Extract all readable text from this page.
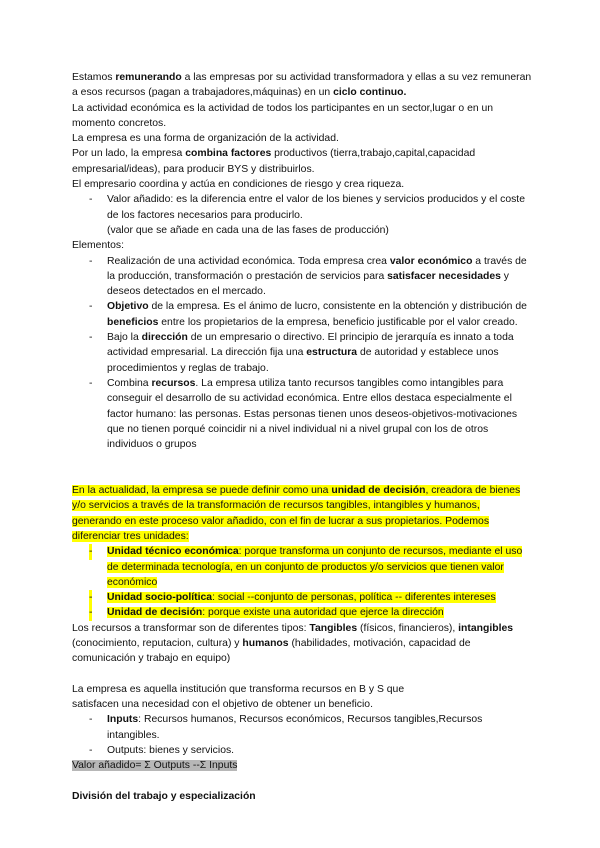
Estamos remunerando a las empresas por su actividad transformadora y ellas a su vez remuneran a esos recursos (pagan a trabajadores,máquinas) en un ciclo continuo.

La actividad económica es la actividad de todos los participantes en un sector,lugar o en un momento concretos.

La empresa es una forma de organización de la actividad.

Por un lado, la empresa combina factores productivos (tierra,trabajo,capital,capacidad empresarial/ideas), para producir BYS y distribuirlos.

El empresario coordina y actúa en condiciones de riesgo y crea riqueza.

- Valor añadido: es la diferencia entre el valor de los bienes y servicios producidos y el coste de los factores necesarios para producirlo.
(valor que se añade en cada una de las fases de producción)

Elementos:

- Realización de una actividad económica. Toda empresa crea valor económico a través de la producción, transformación o prestación de servicios para satisfacer necesidades y deseos detectados en el mercado.
- Objetivo de la empresa. Es el ánimo de lucro, consistente en la obtención y distribución de beneficios entre los propietarios de la empresa, beneficio justificable por el valor creado.
- Bajo la dirección de un empresario o directivo. El principio de jerarquía es innato a toda actividad empresarial. La dirección fija una estructura de autoridad y establece unos procedimientos y reglas de trabajo.
- Combina recursos. La empresa utiliza tanto recursos tangibles como intangibles para conseguir el desarrollo de su actividad económica. Entre ellos destaca especialmente el factor humano: las personas. Estas personas tienen unos deseos-objetivos-motivaciones que no tienen porqué coincidir ni a nivel individual ni a nivel grupal con los de otros individuos o grupos

En la actualidad, la empresa se puede definir como una unidad de decisión, creadora de bienes y/o servicios a través de la transformación de recursos tangibles, intangibles y humanos, generando en este proceso valor añadido, con el fin de lucrar a sus propietarios. Podemos diferenciar tres unidades:

- Unidad técnico económica: porque transforma un conjunto de recursos, mediante el uso de determinada tecnología, en un conjunto de productos y/o servicios que tienen valor económico
- Unidad socio-política: social --conjunto de personas, política -- diferentes intereses
- Unidad de decisión: porque existe una autoridad que ejerce la dirección

Los recursos a transformar son de diferentes tipos: Tangibles (físicos, financieros), intangibles (conocimiento, reputacion, cultura) y humanos (habilidades, motivación, capacidad de comunicación y trabajo en equipo)

La empresa es aquella institución que transforma recursos en B y S que
satisfacen una necesidad con el objetivo de obtener un beneficio.

- Inputs: Recursos humanos, Recursos económicos, Recursos tangibles,Recursos intangibles.
- Outputs: bienes y servicios.

Valor añadido= Σ Outputs --Σ Inputs

División del trabajo y especialización
